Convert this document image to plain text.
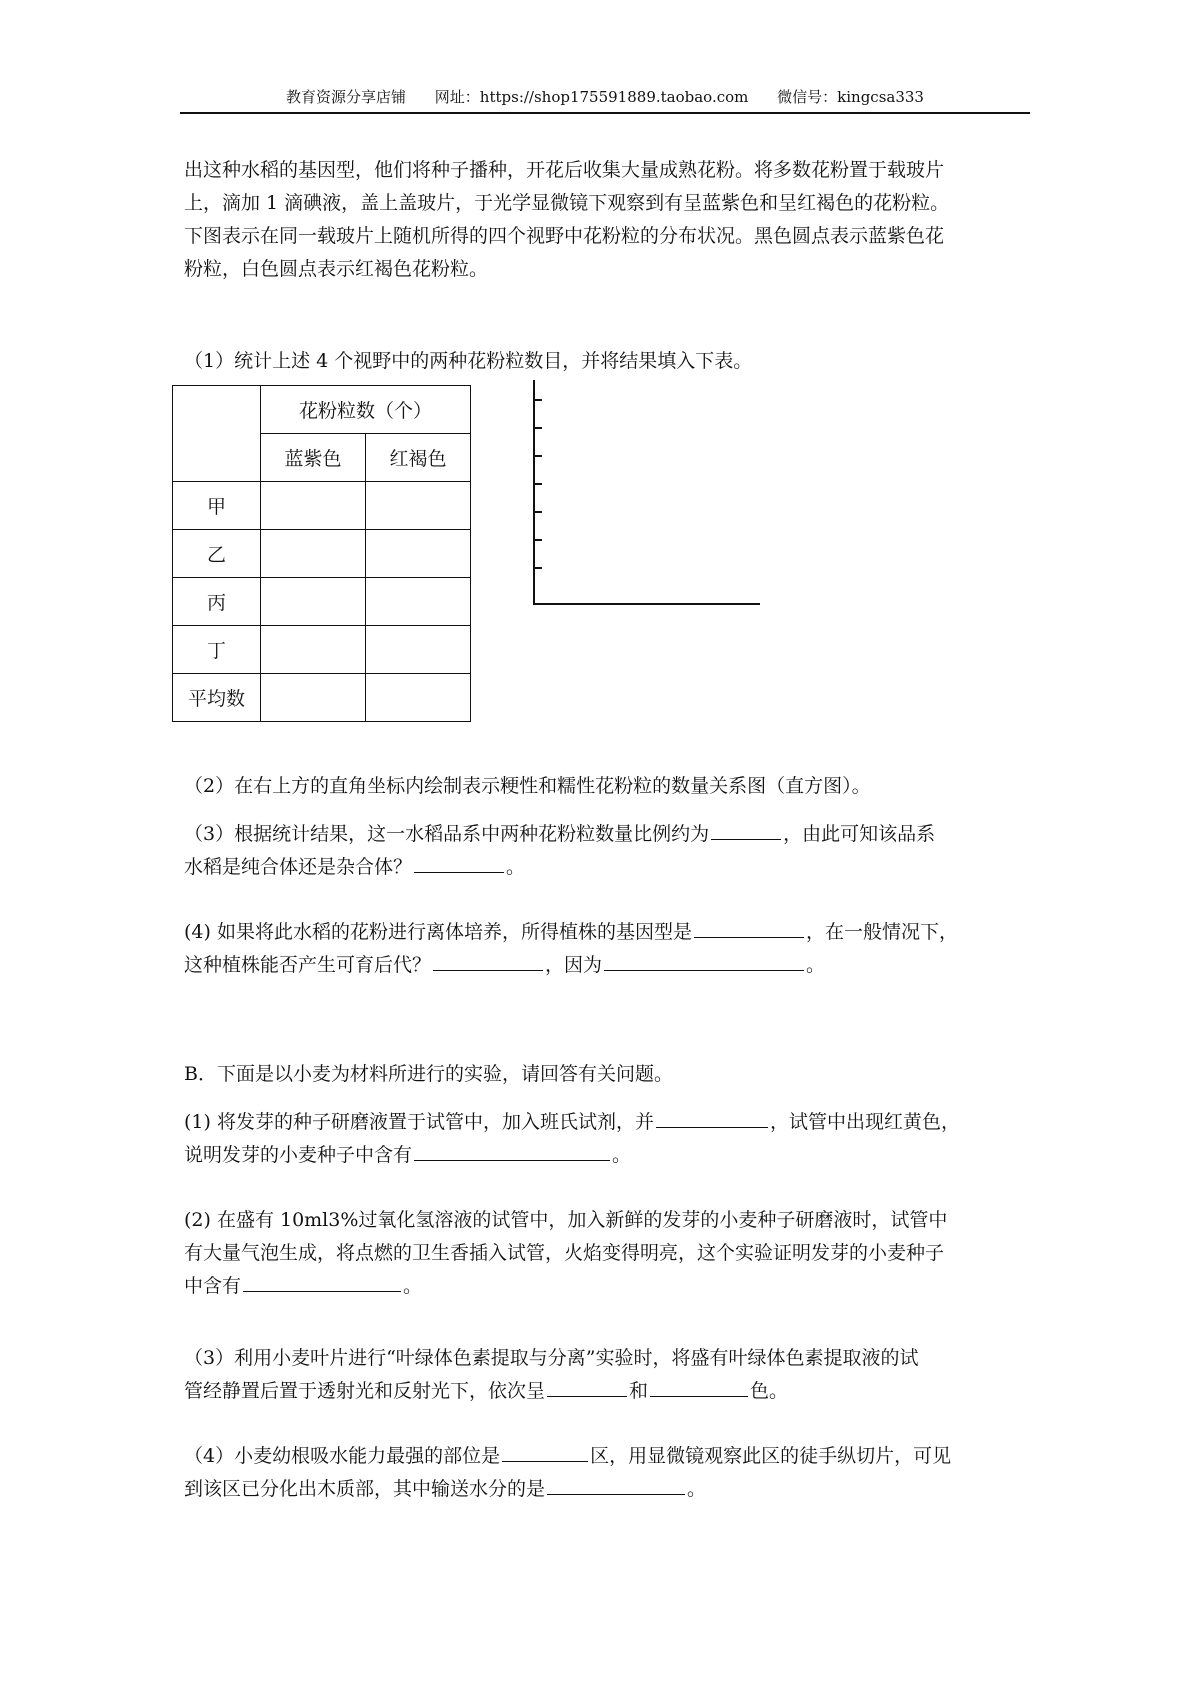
教育资源分享店铺 网址：https://shop175591889.taobao.com 微信号：kingcsa333

出这种水稻的基因型，他们将种子播种，开花后收集大量成熟花粉。将多数花粉置于载玻片
上，滴加 1 滴碘液，盖上盖玻片，于光学显微镜下观察到有呈蓝紫色和呈红褐色的花粉粒。
下图表示在同一载玻片上随机所得的四个视野中花粉粒的分布状况。黑色圆点表示蓝紫色花
粉粒，白色圆点表示红褐色花粉粒。

（1）统计上述 4 个视野中的两种花粉粒数目，并将结果填入下表。

	花粉粒数（个）	
	蓝紫色	红褐色
甲		
乙		
丙		
丁		
平均数		

（2）在右上方的直角坐标内绘制表示粳性和糯性花粉粒的数量关系图（直方图）。

（3）根据统计结果，这一水稻品系中两种花粉粒数量比例约为	，由此可知该品系
水稻是纯合体还是杂合体？	。

(4) 如果将此水稻的花粉进行离体培养，所得植株的基因型是	，在一般情况下，
这种植株能否产生可育后代？	，因为	。

B．下面是以小麦为材料所进行的实验，请回答有关问题。

(1) 将发芽的种子研磨液置于试管中，加入班氏试剂，并	，试管中出现红黄色，
说明发芽的小麦种子中含有	。

(2) 在盛有 10ml3%过氧化氢溶液的试管中，加入新鲜的发芽的小麦种子研磨液时，试管中
有大量气泡生成，将点燃的卫生香插入试管，火焰变得明亮，这个实验证明发芽的小麦种子
中含有	。

（3）利用小麦叶片进行“叶绿体色素提取与分离”实验时，将盛有叶绿体色素提取液的试
管经静置后置于透射光和反射光下，依次呈	和	色。

（4）小麦幼根吸水能力最强的部位是	区，用显微镜观察此区的徒手纵切片，可见
到该区已分化出木质部，其中输送水分的是	。
